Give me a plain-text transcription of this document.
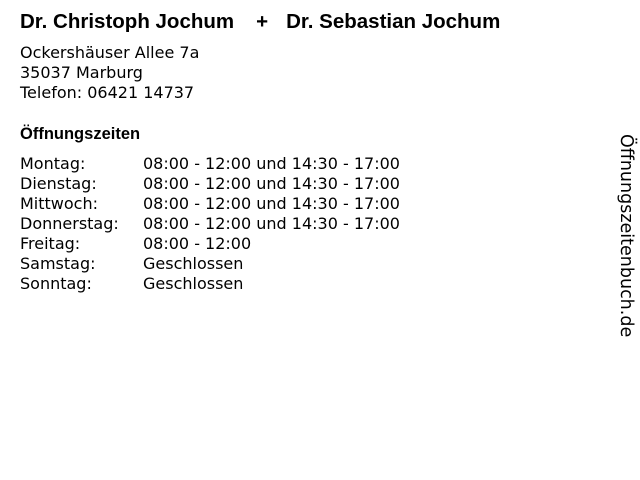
Dr. Christoph Jochum + Dr. Sebastian Jochum
Ockershäuser Allee 7a
35037 Marburg
Telefon: 06421 14737
Öffnungszeiten
Montag:	08:00 - 12:00 und 14:30 - 17:00
Dienstag:	08:00 - 12:00 und 14:30 - 17:00
Mittwoch:	08:00 - 12:00 und 14:30 - 17:00
Donnerstag:	08:00 - 12:00 und 14:30 - 17:00
Freitag:	08:00 - 12:00
Samstag:	Geschlossen
Sonntag:	Geschlossen	Öffnungszeitenbuch.de
